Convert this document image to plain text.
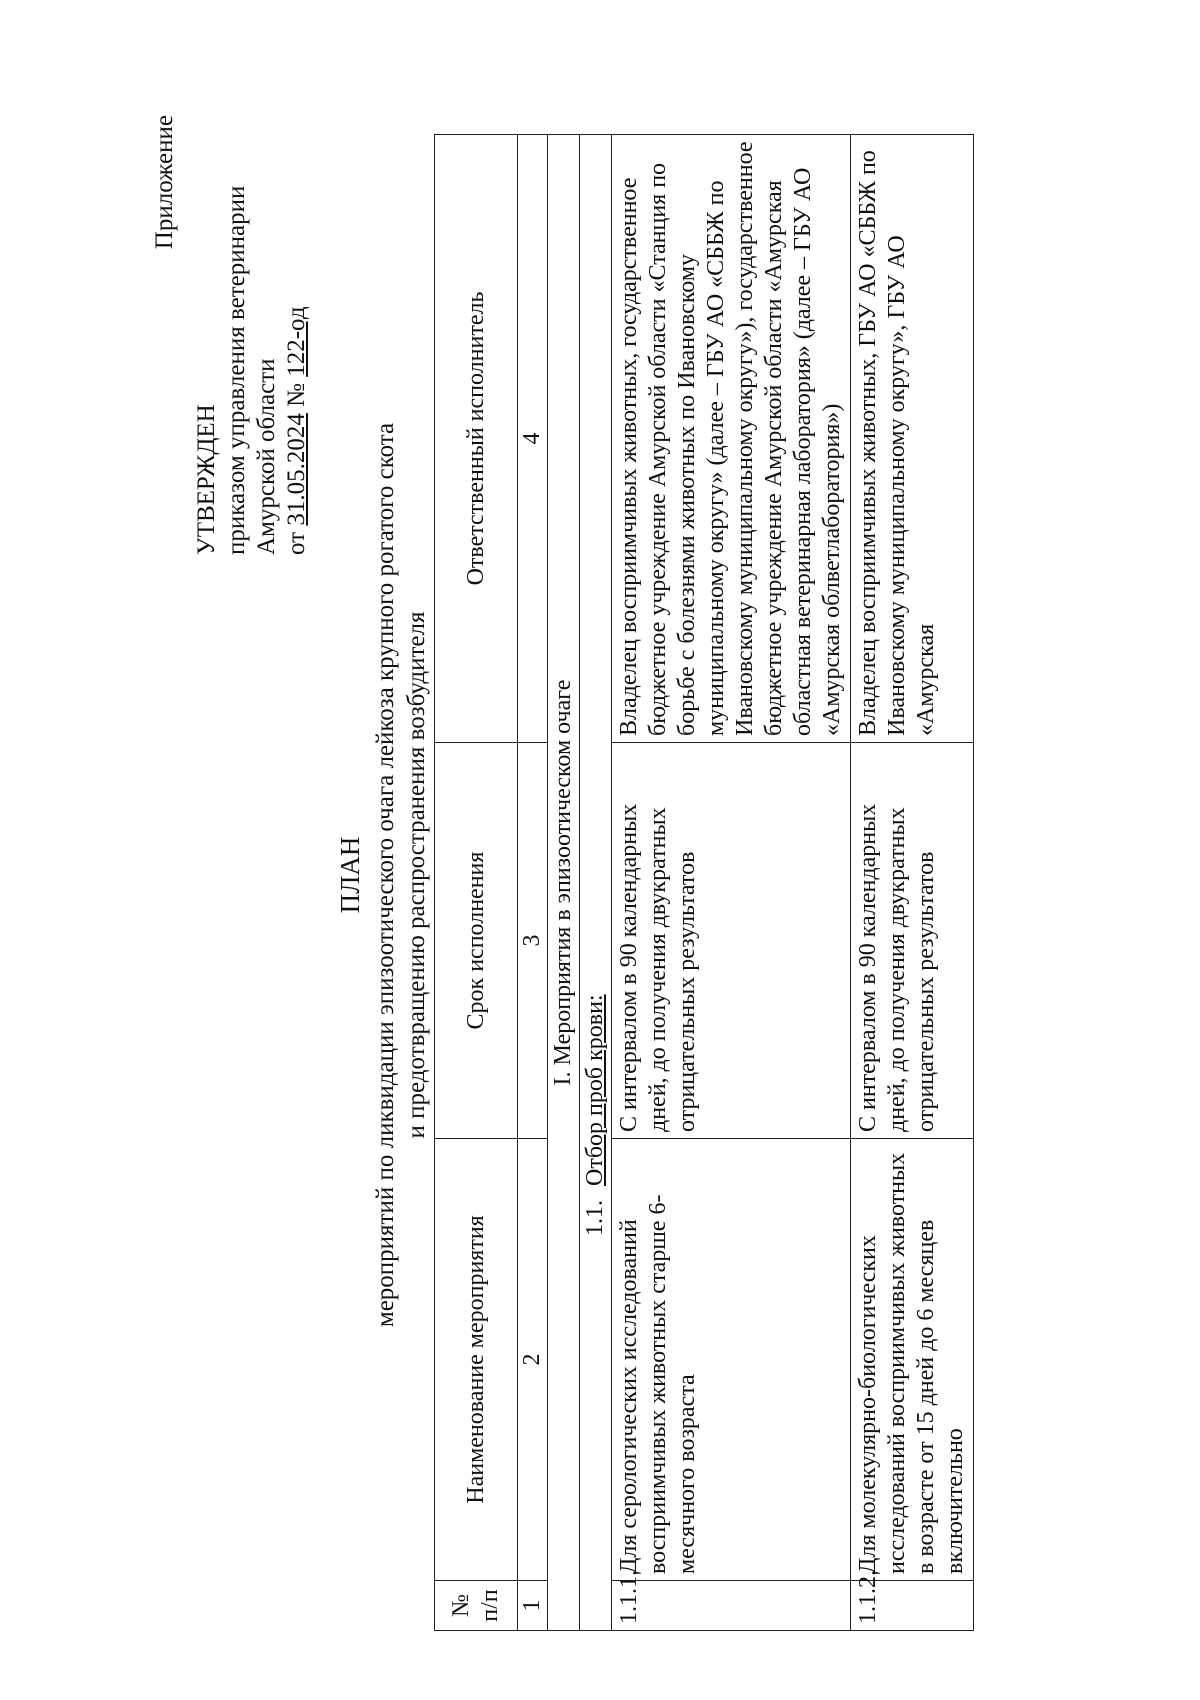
Приложение
УТВЕРЖДЕН приказом управления ветеринарии Амурской области от 31.05.2024 № 122-од
ПЛАН мероприятий по ликвидации эпизоотического очага лейкоза крупного рогатого скота и предотвращению распространения возбудителя
№ п/п	Наименование мероприятия	Срок исполнения	Ответственный исполнитель
1	2	3	4
I. Мероприятия в эпизоотическом очаге			
1.1.Отбор проб крови:			
1.1.1.	Для серологических исследований восприимчивых животных старше 6-месячного возраста	С интервалом в 90 календарных дней, до получения двукратных отрицательных результатов	Владелец восприимчивых животных, государственное бюджетное учреждение Амурской области «Станция по борьбе с болезнями животных по Ивановскому муниципальному округу» (далее – ГБУ АО «СББЖ по Ивановскому муниципальному округу»), государственное бюджетное учреждение Амурской области «Амурская областная ветеринарная лаборатория» (далее – ГБУ АО «Амурская облветлаборатория»)
1.1.2.	Для молекулярно-биологических исследований восприимчивых животных в возрасте от 15 дней до 6 месяцев включительно	С интервалом в 90 календарных дней, до получения двукратных отрицательных результатов	Владелец восприимчивых животных, ГБУ АО «СББЖ по Ивановскому муниципальному округу», ГБУ АО «Амурская
